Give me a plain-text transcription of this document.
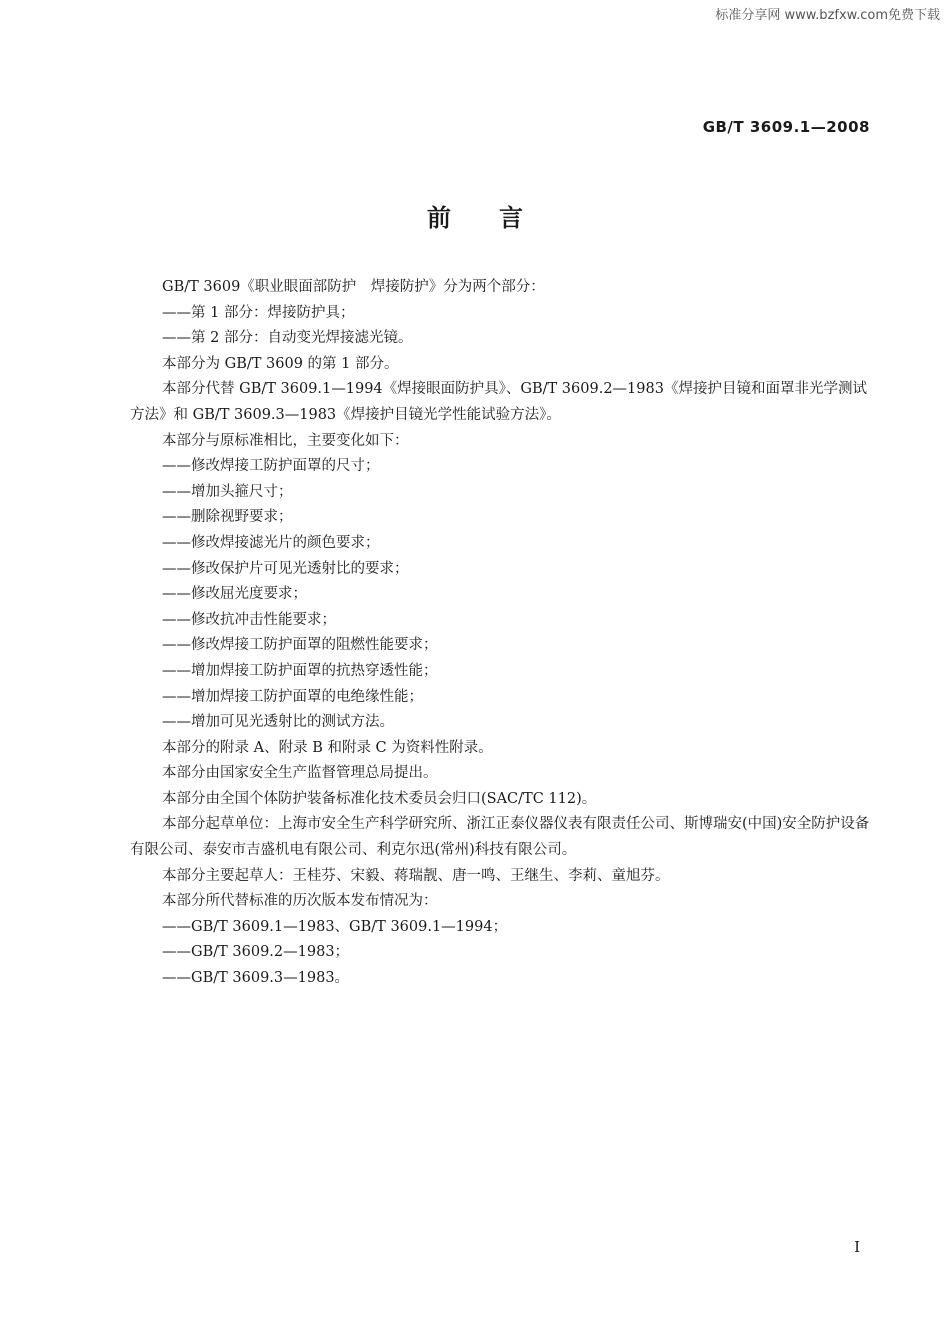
标准分享网 www.bzfxw.com免费下载
GB/T 3609.1—2008
前言

GB/T 3609《职业眼面部防护　焊接防护》分为两个部分：

——第 1 部分：焊接防护具；

——第 2 部分：自动变光焊接滤光镜。

本部分为 GB/T 3609 的第 1 部分。

本部分代替 GB/T 3609.1—1994《焊接眼面防护具》、GB/T 3609.2—1983《焊接护目镜和面罩非光学测试方法》和 GB/T 3609.3—1983《焊接护目镜光学性能试验方法》。

本部分与原标准相比，主要变化如下：

——修改焊接工防护面罩的尺寸；

——增加头箍尺寸；

——删除视野要求；

——修改焊接滤光片的颜色要求；

——修改保护片可见光透射比的要求；

——修改屈光度要求；

——修改抗冲击性能要求；

——修改焊接工防护面罩的阻燃性能要求；

——增加焊接工防护面罩的抗热穿透性能；

——增加焊接工防护面罩的电绝缘性能；

——增加可见光透射比的测试方法。

本部分的附录 A、附录 B 和附录 C 为资料性附录。

本部分由国家安全生产监督管理总局提出。

本部分由全国个体防护装备标准化技术委员会归口(SAC/TC 112)。

本部分起草单位：上海市安全生产科学研究所、浙江正泰仪器仪表有限责任公司、斯博瑞安(中国)安全防护设备有限公司、泰安市吉盛机电有限公司、利克尔迅(常州)科技有限公司。

本部分主要起草人：王桂芬、宋毅、蒋瑞靓、唐一鸣、王继生、李莉、童旭芬。

本部分所代替标准的历次版本发布情况为：

——GB/T 3609.1—1983、GB/T 3609.1—1994；

——GB/T 3609.2—1983；

——GB/T 3609.3—1983。

I
